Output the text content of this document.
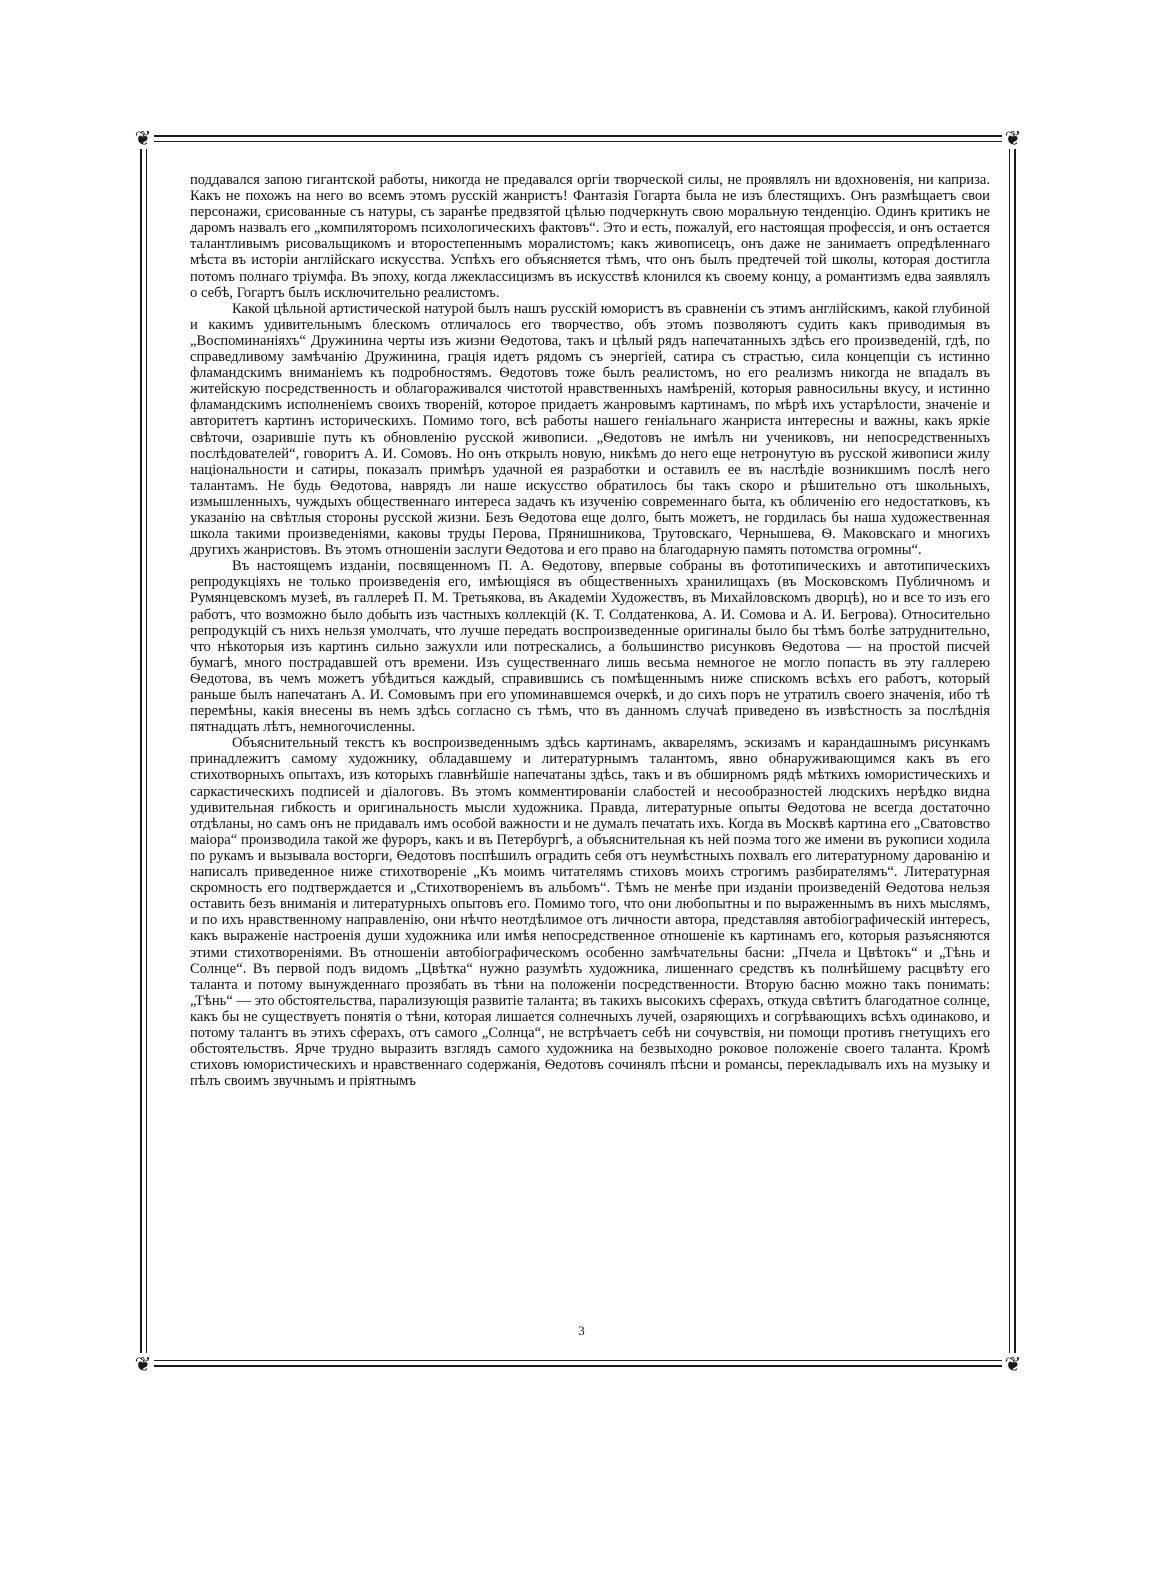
❦	❦
❦	❦

поддавался запою гигантской работы, никогда не предавался оргіи творческой силы, не проявлялъ ни вдохновенія, ни каприза. Какъ не похожъ на него во всемъ этомъ русскій жанристъ! Фантазія Гогарта была не изъ блестящихъ. Онъ размѣщаетъ свои персонажи, срисованные съ натуры, съ заранѣе предвзятой цѣлью подчеркнуть свою моральную тенденцію. Одинъ критикъ не даромъ назвалъ его „компиляторомъ психологическихъ фактовъ“. Это и есть, пожалуй, его настоящая профессія, и онъ остается талантливымъ рисовальщикомъ и второстепеннымъ моралистомъ; какъ живописецъ, онъ даже не занимаетъ опредѣленнаго мѣста въ исторіи англійскаго искусства. Успѣхъ его объясняется тѣмъ, что онъ былъ предтечей той школы, которая достигла потомъ полнаго тріумфа. Въ эпоху, когда лжеклассицизмъ въ искусствѣ клонился къ своему концу, а романтизмъ едва заявлялъ о себѣ, Гогартъ былъ исключительно реалистомъ.

Какой цѣльной артистической натурой былъ нашъ русскій юмористъ въ сравненіи съ этимъ англійскимъ, какой глубиной и какимъ удивительнымъ блескомъ отличалось его творчество, объ этомъ позволяютъ судить какъ приводимыя въ „Воспоминаніяхъ“ Дружинина черты изъ жизни Ѳедотова, такъ и цѣлый рядъ напечатанныхъ здѣсь его произведеній, гдѣ, по справедливому замѣчанію Дружинина, грація идетъ рядомъ съ энергіей, сатира съ страстью, сила концепціи съ истинно фламандскимъ вниманіемъ къ подробностямъ. Ѳедотовъ тоже былъ реалистомъ, но его реализмъ никогда не впадалъ въ житейскую посредственность и облагораживался чистотой нравственныхъ намѣреній, которыя равносильны вкусу, и истинно фламандскимъ исполненіемъ своихъ твореній, которое придаетъ жанровымъ картинамъ, по мѣрѣ ихъ устарѣлости, значеніе и авторитетъ картинъ историческихъ. Помимо того, всѣ работы нашего геніальнаго жанриста интересны и важны, какъ яркіе свѣточи, озарившіе путь къ обновленію русской живописи. „Ѳедотовъ не имѣлъ ни учениковъ, ни непосредственныхъ послѣдователей“, говоритъ А. И. Сомовъ. Но онъ открылъ новую, никѣмъ до него еще нетронутую въ русской живописи жилу національности и сатиры, показалъ примѣръ удачной ея разработки и оставилъ ее въ наслѣдіе возникшимъ послѣ него талантамъ. Не будь Ѳедотова, наврядъ ли наше искусство обратилось бы такъ скоро и рѣшительно отъ школьныхъ, измышленныхъ, чуждыхъ общественнаго интереса задачъ къ изученію современнаго быта, къ обличенію его недостатковъ, къ указанію на свѣтлыя стороны русской жизни. Безъ Ѳедотова еще долго, быть можетъ, не гордилась бы наша художественная школа такими произведеніями, каковы труды Перова, Прянишникова, Трутовскаго, Чернышева, Ѳ. Маковскаго и многихъ другихъ жанристовъ. Въ этомъ отношеніи заслуги Ѳедотова и его право на благодарную память потомства огромны“.

Въ настоящемъ изданіи, посвященномъ П. А. Ѳедотову, впервые собраны въ фототипическихъ и автотипическихъ репродукціяхъ не только произведенія его, имѣющіяся въ общественныхъ хранилищахъ (въ Московскомъ Публичномъ и Румянцевскомъ музеѣ, въ галлереѣ П. М. Третьякова, въ Академіи Художествъ, въ Михайловскомъ дворцѣ), но и все то изъ его работъ, что возможно было добыть изъ частныхъ коллекцій (К. Т. Солдатенкова, А. И. Сомова и А. И. Бегрова). Относительно репродукцій съ нихъ нельзя умолчать, что лучше передать воспроизведенные оригиналы было бы тѣмъ болѣе затруднительно, что нѣкоторыя изъ картинъ сильно зажухли или потрескались, а большинство рисунковъ Ѳедотова — на простой писчей бумагѣ, много пострадавшей отъ времени. Изъ существеннаго лишь весьма немногое не могло попасть въ эту галлерею Ѳедотова, въ чемъ можетъ убѣдиться каждый, справившись съ помѣщеннымъ ниже спискомъ всѣхъ его работъ, который раньше былъ напечатанъ А. И. Сомовымъ при его упоминавшемся очеркѣ, и до сихъ поръ не утратилъ своего значенія, ибо тѣ перемѣны, какія внесены въ немъ здѣсь согласно съ тѣмъ, что въ данномъ случаѣ приведено въ извѣстность за послѣднія пятнадцать лѣтъ, немногочисленны.

Объяснительный текстъ къ воспроизведеннымъ здѣсь картинамъ, акварелямъ, эскизамъ и карандашнымъ рисункамъ принадлежитъ самому художнику, обладавшему и литературнымъ талантомъ, явно обнаруживающимся какъ въ его стихотворныхъ опытахъ, изъ которыхъ главнѣйшіе напечатаны здѣсь, такъ и въ обширномъ рядѣ мѣткихъ юмористическихъ и саркастическихъ подписей и діалоговъ. Въ этомъ комментированіи слабостей и несообразностей людскихъ нерѣдко видна удивительная гибкость и оригинальность мысли художника. Правда, литературные опыты Ѳедотова не всегда достаточно отдѣланы, но самъ онъ не придавалъ имъ особой важности и не думалъ печатать ихъ. Когда въ Москвѣ картина его „Сватовство маіора“ производила такой же фуроръ, какъ и въ Петербургѣ, а объяснительная къ ней поэма того же имени въ рукописи ходила по рукамъ и вызывала восторги, Ѳедотовъ поспѣшилъ оградить себя отъ неумѣстныхъ похвалъ его литературному дарованію и написалъ приведенное ниже стихотвореніе „Къ моимъ читателямъ стиховъ моихъ строгимъ разбирателямъ“. Литературная скромность его подтверждается и „Стихотвореніемъ въ альбомъ“. Тѣмъ не менѣе при изданіи произведеній Ѳедотова нельзя оставить безъ вниманія и литературныхъ опытовъ его. Помимо того, что они любопытны и по выраженнымъ въ нихъ мыслямъ, и по ихъ нравственному направленію, они нѣчто неотдѣлимое отъ личности автора, представляя автобіографическій интересъ, какъ выраженіе настроенія души художника или имѣя непосредственное отношеніе къ картинамъ его, которыя разъясняются этими стихотвореніями. Въ отношеніи автобіографическомъ особенно замѣчательны басни: „Пчела и Цвѣтокъ“ и „Тѣнь и Солнце“. Въ первой подъ видомъ „Цвѣтка“ нужно разумѣть художника, лишеннаго средствъ къ полнѣйшему расцвѣту его таланта и потому вынужденнаго прозябать въ тѣни на положеніи посредственности. Вторую басню можно такъ понимать: „Тѣнь“ — это обстоятельства, парализующія развитіе таланта; въ такихъ высокихъ сферахъ, откуда свѣтитъ благодатное солнце, какъ бы не существуетъ понятія о тѣни, которая лишается солнечныхъ лучей, озаряющихъ и согрѣвающихъ всѣхъ одинаково, и потому талантъ въ этихъ сферахъ, отъ самого „Солнца“, не встрѣчаетъ себѣ ни сочувствія, ни помощи противъ гнетущихъ его обстоятельствъ. Ярче трудно выразить взглядъ самого художника на безвыходно роковое положеніе своего таланта. Кромѣ стиховъ юмористическихъ и нравственнаго содержанія, Ѳедотовъ сочинялъ пѣсни и романсы, перекладывалъ ихъ на музыку и пѣлъ своимъ звучнымъ и пріятнымъ

3
